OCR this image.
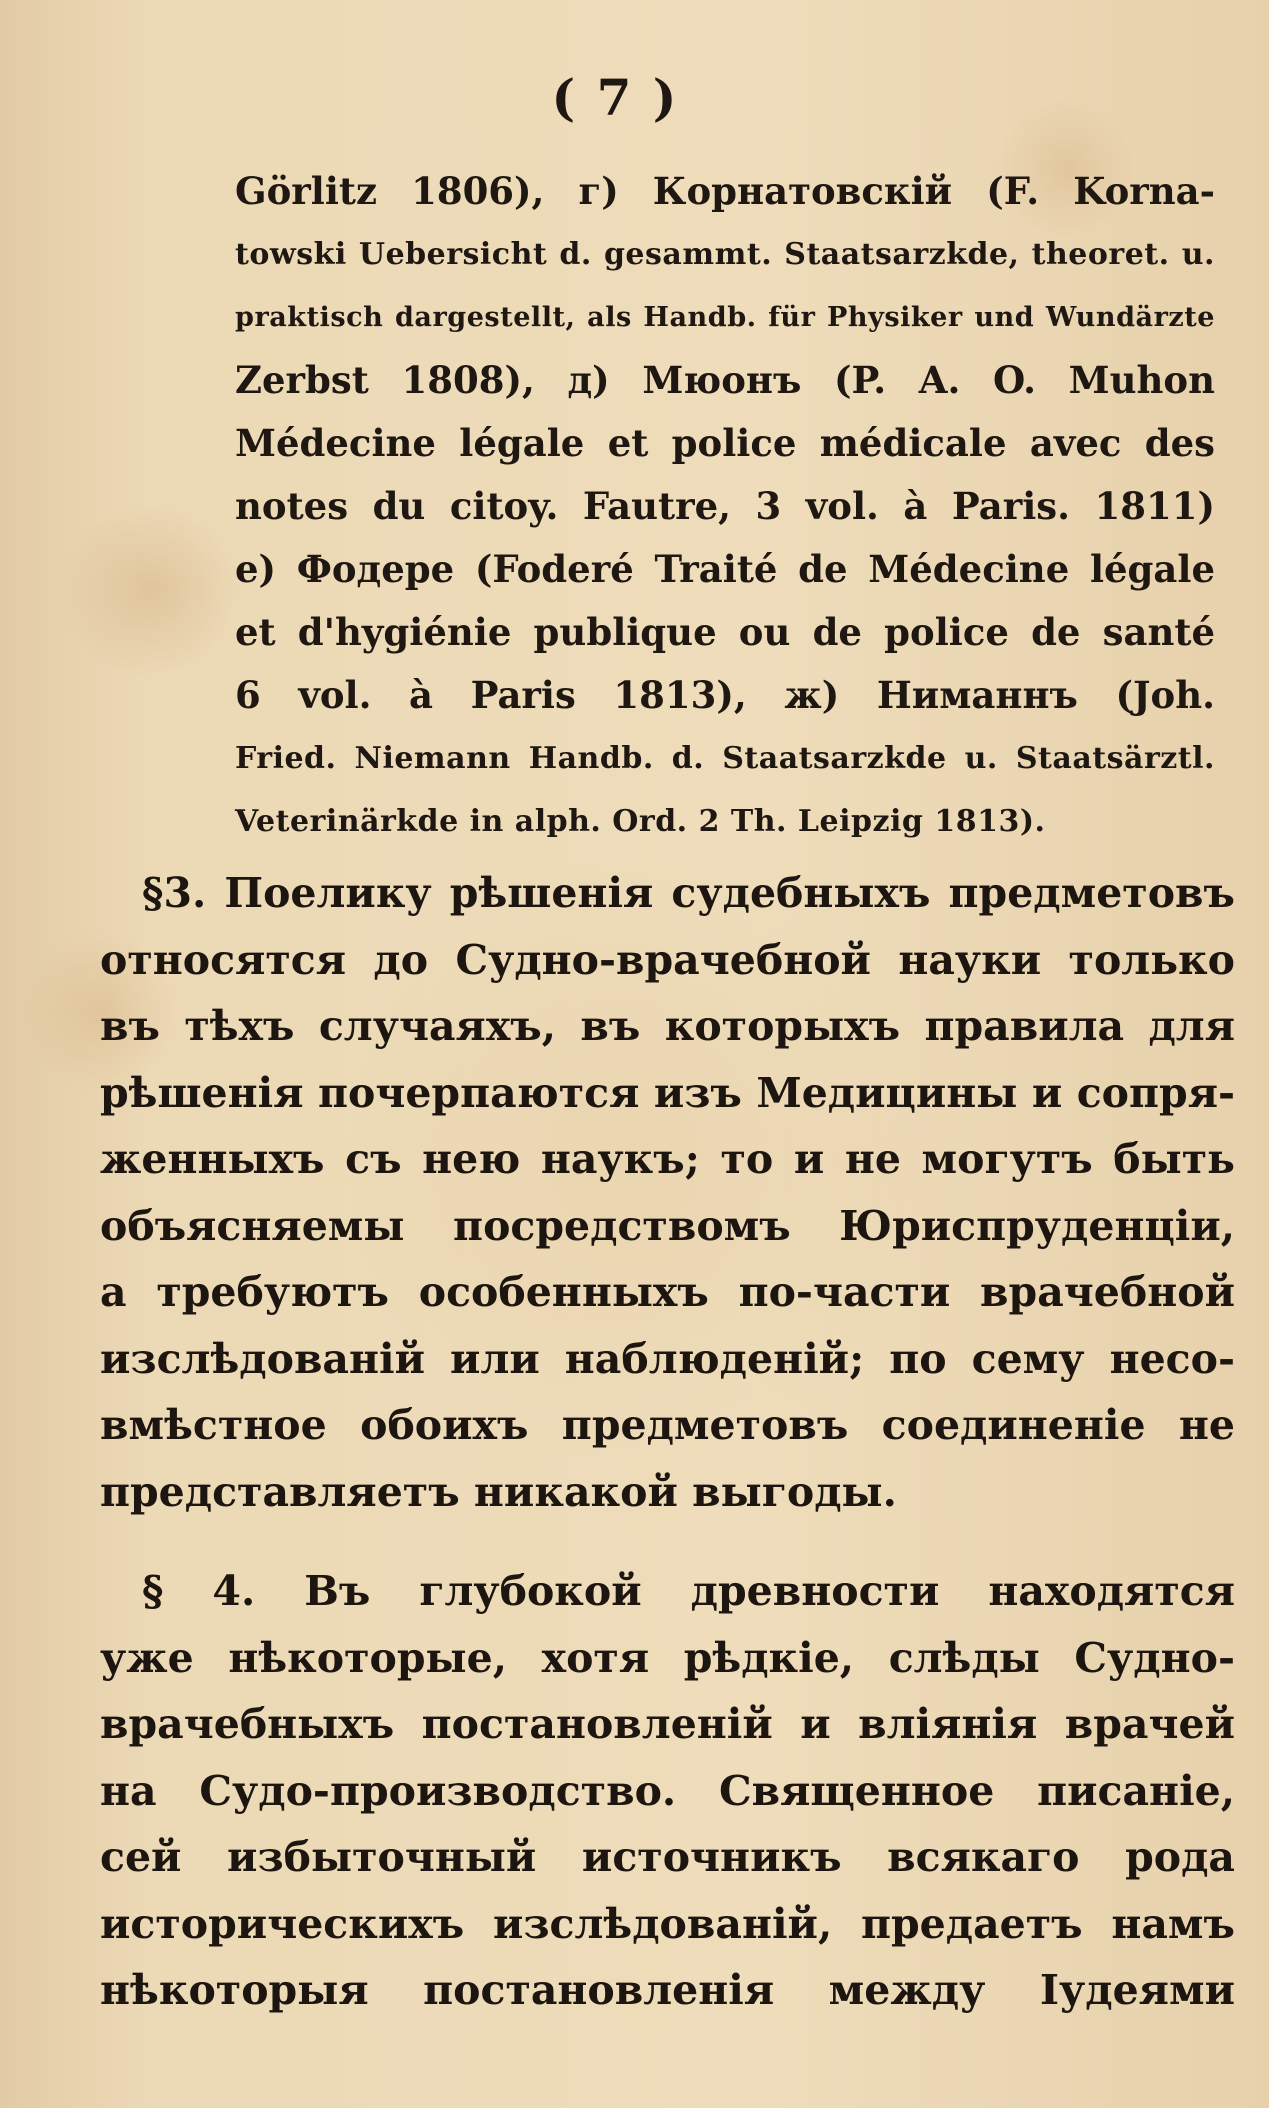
( 7 )
Görlitz 1806), г) Корнатовскій (F. Korna-
towski Uebersicht d. gesammt. Staatsarzkde, theoret. u.
praktisch dargestellt, als Handb. für Physiker und Wundärzte
Zerbst 1808), д) Мюонъ (P. A. O. Muhon
Médecine légale et police médicale avec des
notes du citoy. Fautre, 3 vol. à Paris. 1811)
е) Фодере (Foderé Traité de Médecine légale
et d'hygiénie publique ou de police de santé
6 vol. à Paris 1813), ж) Ниманнъ (Joh.
Fried. Niemann Handb. d. Staatsarzkde u. Staatsärztl.
Veterinärkde in alph. Ord. 2 Th. Leipzig 1813).
§3. Поелику рѣшенія судебныхъ предметовъ
относятся до Судно-врачебной науки только
въ тѣхъ случаяхъ, въ которыхъ правила для
рѣшенія почерпаются изъ Медицины и сопря-
женныхъ съ нею наукъ; то и не могутъ быть
объясняемы посредствомъ Юриспруденціи,
а требуютъ особенныхъ по-части врачебной
изслѣдованій или наблюденій; по сему несо-
вмѣстное обоихъ предметовъ соединеніе не
представляетъ никакой выгоды.
§ 4. Въ глубокой древности находятся
уже нѣкоторые, хотя рѣдкіе, слѣды Судно-
врачебныхъ постановленій и вліянія врачей
на Судо-производство. Священное писаніе,
сей избыточный источникъ всякаго рода
историческихъ изслѣдованій, предаетъ намъ
нѣкоторыя постановленія между Іудеями
